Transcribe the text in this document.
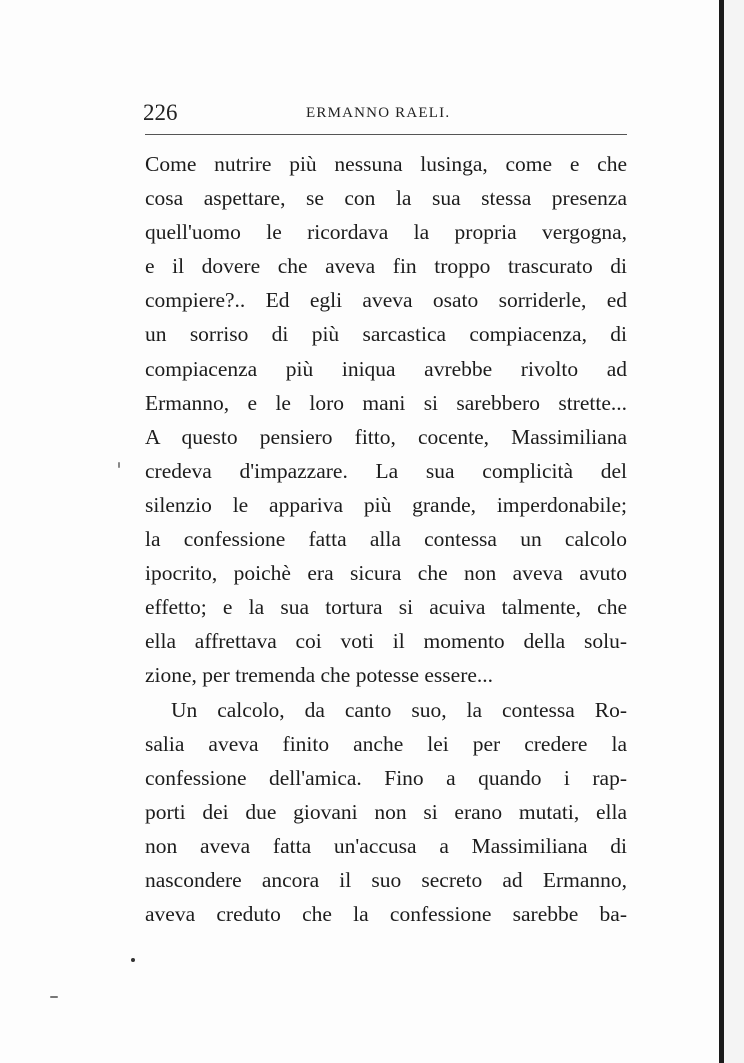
226	ERMANNO RAELI.
Come nutrire più nessuna lusinga, come e che
cosa aspettare, se con la sua stessa presenza
quell'uomo le ricordava la propria vergogna,
e il dovere che aveva fin troppo trascurato di
compiere?.. Ed egli aveva osato sorriderle, ed
un sorriso di più sarcastica compiacenza, di
compiacenza più iniqua avrebbe rivolto ad
Ermanno, e le loro mani si sarebbero strette...
A questo pensiero fitto, cocente, Massimiliana
credeva d'impazzare. La sua complicità del
silenzio le appariva più grande, imperdonabile;
la confessione fatta alla contessa un calcolo
ipocrito, poichè era sicura che non aveva avuto
effetto; e la sua tortura si acuiva talmente, che
ella affrettava coi voti il momento della solu-
zione, per tremenda che potesse essere...
Un calcolo, da canto suo, la contessa Ro-
salia aveva finito anche lei per credere la
confessione dell'amica. Fino a quando i rap-
porti dei due giovani non si erano mutati, ella
non aveva fatta un'accusa a Massimiliana di
nascondere ancora il suo secreto ad Ermanno,
aveva creduto che la confessione sarebbe ba-
